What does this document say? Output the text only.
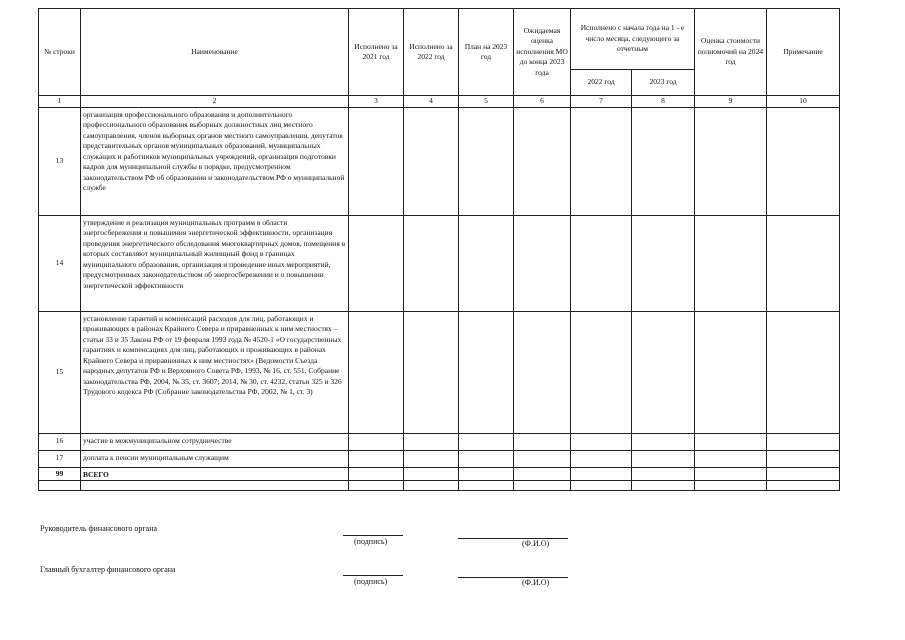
№ строки	Наименование	Исполнено за 2021 год	Исполнено за 2022 год	План на 2023 год	Ожидаемая оценка исполнения МО до конца 2023 года	Исполнено с начала года на 1 - е число месяца, следующего за отчетным		Оценка стоимости полномочий на 2024 год	Примечание
						2022 год	2023 год		
1	2	3	4	5	6	7	8	9	10
13	организация профессионального образования и дополнительного профессионального образования выборных должностных лиц местного самоуправления, членов выборных органов местного самоуправления, депутатов представительных органов муниципальных образований, муниципальных служащих и работников муниципальных учреждений, организация подготовки кадров для муниципальной службы в порядке, предусмотренном законодательством РФ об образовании и законодательством РФ о муниципальной службе								
14	утверждение и реализация муниципальных программ в области энергосбережения и повышения энергетической эффективности, организация проведения энергетического обследования многоквартирных домов, помещения в которых составляют муниципальный жилищный фонд в границах муниципального образования, организация и проведение иных мероприятий, предусмотренных законодательством об энергосбережении и о повышении энергетической эффективности								
15	установление гарантий и компенсаций расходов для лиц, работающих и проживающих в районах Крайнего Севера и приравненных к ним местностях – статьи 33 и 35 Закона РФ от 19 февраля 1993 года № 4520-1 «О государственных гарантиях и компенсациях для лиц, работающих и проживающих в районах Крайнего Севера и приравненных к ним местностях» (Ведомости Съезда народных депутатов РФ и Верховного Совета РФ, 1993, № 16, ст. 551, Собрание законодательства РФ, 2004, № 35, ст. 3607; 2014, № 30, ст. 4232, статьи 325 и 326 Трудового кодекса РФ (Собрание законодательства РФ, 2002, № 1, ст. 3)								
16	участие в межмуниципальном сотрудничестве								
17	доплата к пенсии муниципальным служащим								
99	ВСЕГО								

Руководитель финансового органа
(подпись)	(Ф.И.О)
Главный бухгалтер финансового органа
(подпись)	(Ф.И.О)
